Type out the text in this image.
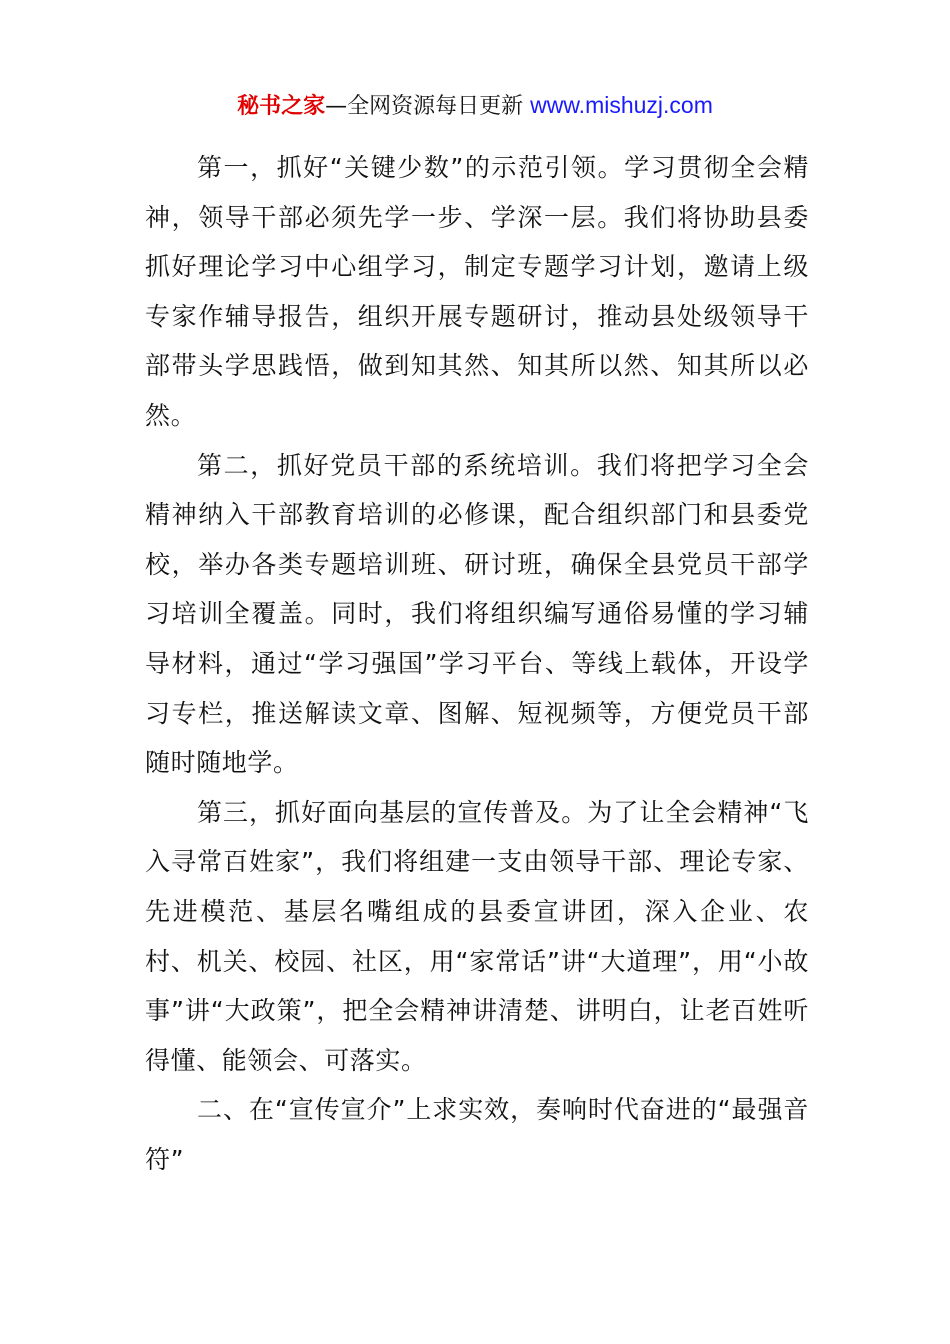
秘书之家—全网资源每日更新 www.mishuzj.com

第一，抓好“关键少数”的示范引领。学习贯彻全会精神，领导干部必须先学一步、学深一层。我们将协助县委抓好理论学习中心组学习，制定专题学习计划，邀请上级专家作辅导报告，组织开展专题研讨，推动县处级领导干部带头学思践悟，做到知其然、知其所以然、知其所以必然。

第二，抓好党员干部的系统培训。我们将把学习全会精神纳入干部教育培训的必修课，配合组织部门和县委党校，举办各类专题培训班、研讨班，确保全县党员干部学习培训全覆盖。同时，我们将组织编写通俗易懂的学习辅导材料，通过“学习强国”学习平台、等线上载体，开设学习专栏，推送解读文章、图解、短视频等，方便党员干部随时随地学。

第三，抓好面向基层的宣传普及。为了让全会精神“飞入寻常百姓家”，我们将组建一支由领导干部、理论专家、先进模范、基层名嘴组成的县委宣讲团，深入企业、农村、机关、校园、社区，用“家常话”讲“大道理”，用“小故事”讲“大政策”，把全会精神讲清楚、讲明白，让老百姓听得懂、能领会、可落实。

二、在“宣传宣介”上求实效，奏响时代奋进的“最强音符”
